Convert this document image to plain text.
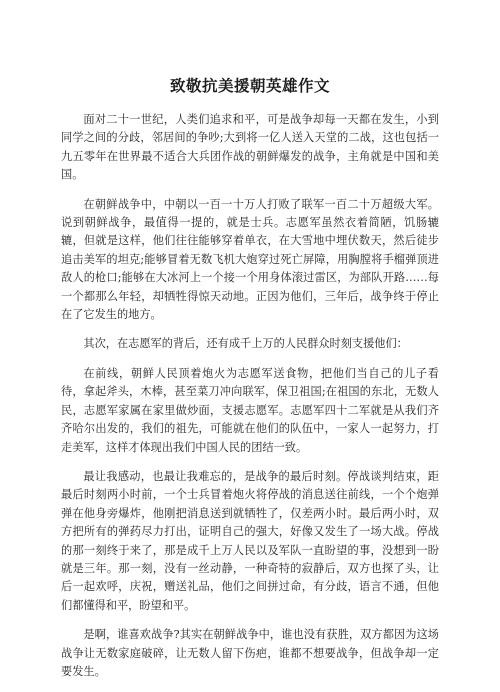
致敬抗美援朝英雄作文

面对二十一世纪，人类们追求和平，可是战争却每一天都在发生，小到同学之间的分歧，邻居间的争吵;大到将一亿人送入天堂的二战，这也包括一九五零年在世界最不适合大兵团作战的朝鲜爆发的战争，主角就是中国和美国。

在朝鲜战争中，中朝以一百一十万人打败了联军一百二十万超级大军。说到朝鲜战争，最值得一提的，就是士兵。志愿军虽然衣着简陋，饥肠辘辘，但就是这样，他们往往能够穿着单衣，在大雪地中埋伏数天，然后徒步追击美军的坦克;能够冒着无数飞机大炮穿过死亡屏障，用胸膛将手榴弹顶进敌人的枪口;能够在大冰河上一个接一个用身体滚过雷区，为部队开路……每一个都那么年轻，却牺牲得惊天动地。正因为他们，三年后，战争终于停止在了它发生的地方。

其次，在志愿军的背后，还有成千上万的人民群众时刻支援他们：

在前线，朝鲜人民顶着炮火为志愿军送食物，把他们当自己的儿子看待，拿起斧头，木棒，甚至菜刀冲向联军，保卫祖国;在祖国的东北，无数人民，志愿军家属在家里做炒面，支援志愿军。志愿军四十二军就是从我们齐齐哈尔出发的，我们的祖先，可能就在他们的队伍中，一家人一起努力，打走美军，这样才体现出我们中国人民的团结一致。

最让我感动，也最让我难忘的，是战争的最后时刻。停战谈判结束，距最后时刻两小时前，一个士兵冒着炮火将停战的消息送往前线，一个个炮弹弹在他身旁爆炸，他刚把消息送到就牺牲了，仅差两小时。最后两小时，双方把所有的弹药尽力打出，证明自己的强大，好像又发生了一场大战。停战的那一刻终于来了，那是成千上万人民以及军队一直盼望的事，没想到一盼就是三年。那一刻，没有一丝动静，一种奇特的寂静后，双方也探了头，让后一起欢呼，庆祝，赠送礼品，他们之间拼过命，有分歧，语言不通，但他们都懂得和平，盼望和平。

是啊，谁喜欢战争?其实在朝鲜战争中，谁也没有获胜，双方都因为这场战争让无数家庭破碎，让无数人留下伤疤，谁都不想要战争，但战争却一定要发生。
